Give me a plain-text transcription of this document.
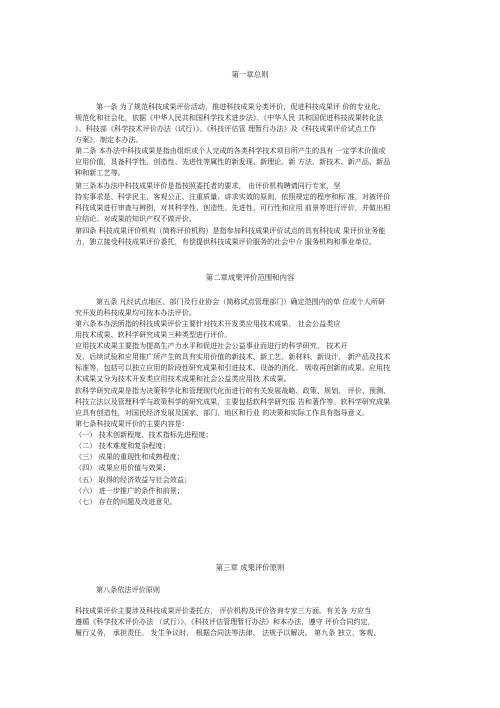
第一章总则
第一条 为了规范科技成果评价活动，推进科技成果分类评价，促进科技成果评 价的专业化、
规范化和社会化，依据《中华人民共和国科学技术进步法》、《中华人民 共和国促进科技成果转化法
》、科技部《科学技术评价办法（试行）》、《科技评估管 理暂行办法》及《科技成果评价试点工作
方案》，制定本办法。
第二条 本办法中科技成果是指由组织或个人完成的各类科学技术项目所产生的具有 一定学术价值或
应用价值，具备科学性、创造性、先进性等属性的新发现、新理论、新 方法、新技术、新产品、新品
种和新工艺等。
第三条本办法中科技成果评价是指按照委托者的要求， 由评价机构聘请同行专家，坚
持实事求是、科学民主、客观公正、注重质量、讲求实效的原则，依照规定的程序和标 准，对被评价
科技成果进行审查与辨别，对其科学性、创造性、先进性、可行性和应用 前景等进行评价，并做出相
应结论。对成果的知识产权不做评价。
第四条 科技成果评价机构（简称评价机构）是指参加科技成果评价试点的具有科技成 果评价业务能
力，独立接受科技成果评价委托，有偿提供科技成果评价服务的社会中介 服务机构和事业单位。
第二章成果评价范围和内容
第五条 凡经试点地区、部门及行业协会（简称试点管理部门）确定范围内的单 位或个人所研
究开发的科技成果均可按本办法评价。
第六条本办法所指的科技成果评价主要针对技术开发类应用技术成果、 社会公益类应
用技术成果、软科学研究成果三种类型进行评价。
应用技术成果主要指为提高生产力水平和促进社会公益事业而进行的科学研究、 技术开
发、后续试验和应用推广所产生的具有实用价值的新技术、新工艺、新材料、新设计、 新产品及技术
标准等，包括可以独立应用的阶段性研究成果和引进技术、设备的消化、 吸收再创新的成果。应用技
术成果又分为技术开发类应用技术成果和社会公益类应用技 术成果。
软科学研究成果是指为决策科学化和管理现代化而进行的有关发展战略、政策、规划、 评价、预测、
科技立法以及管理科学与政策科学的研究成果，主要包括软科学研究报 告和著作等。软科学研究成果
应具有创造性，对国民经济发展及国家、部门、地区和行业 的决策和实际工作具有指导意义。
第七条科技成果评价的主要内容是：
（一） 技术创新程度、技术指标先进程度；
（二） 技术难度和复杂程度；
（三） 成果的重现性和成熟程度；
（四） 成果应用价值与效果；
（五） 取得的经济效益与社会效益；
（六） 进一步推广的条件和前景；
（七） 存在的问题及改进意见。
第三章 成果评价原则
第八条依法评价原则
科技成果评价主要涉及科技成果评价委托方， 评价机构及评价咨询专家三方面。有关各 方应当
遵循《科学技术评价办法 （试行）》、《科技评估管理暂行办法》和本办法，遵守 评价合同约定，
履行义务， 承担责任。 发生争议时， 根据合同法等法律、 法规予以解决。 第九条 独立、客观、
